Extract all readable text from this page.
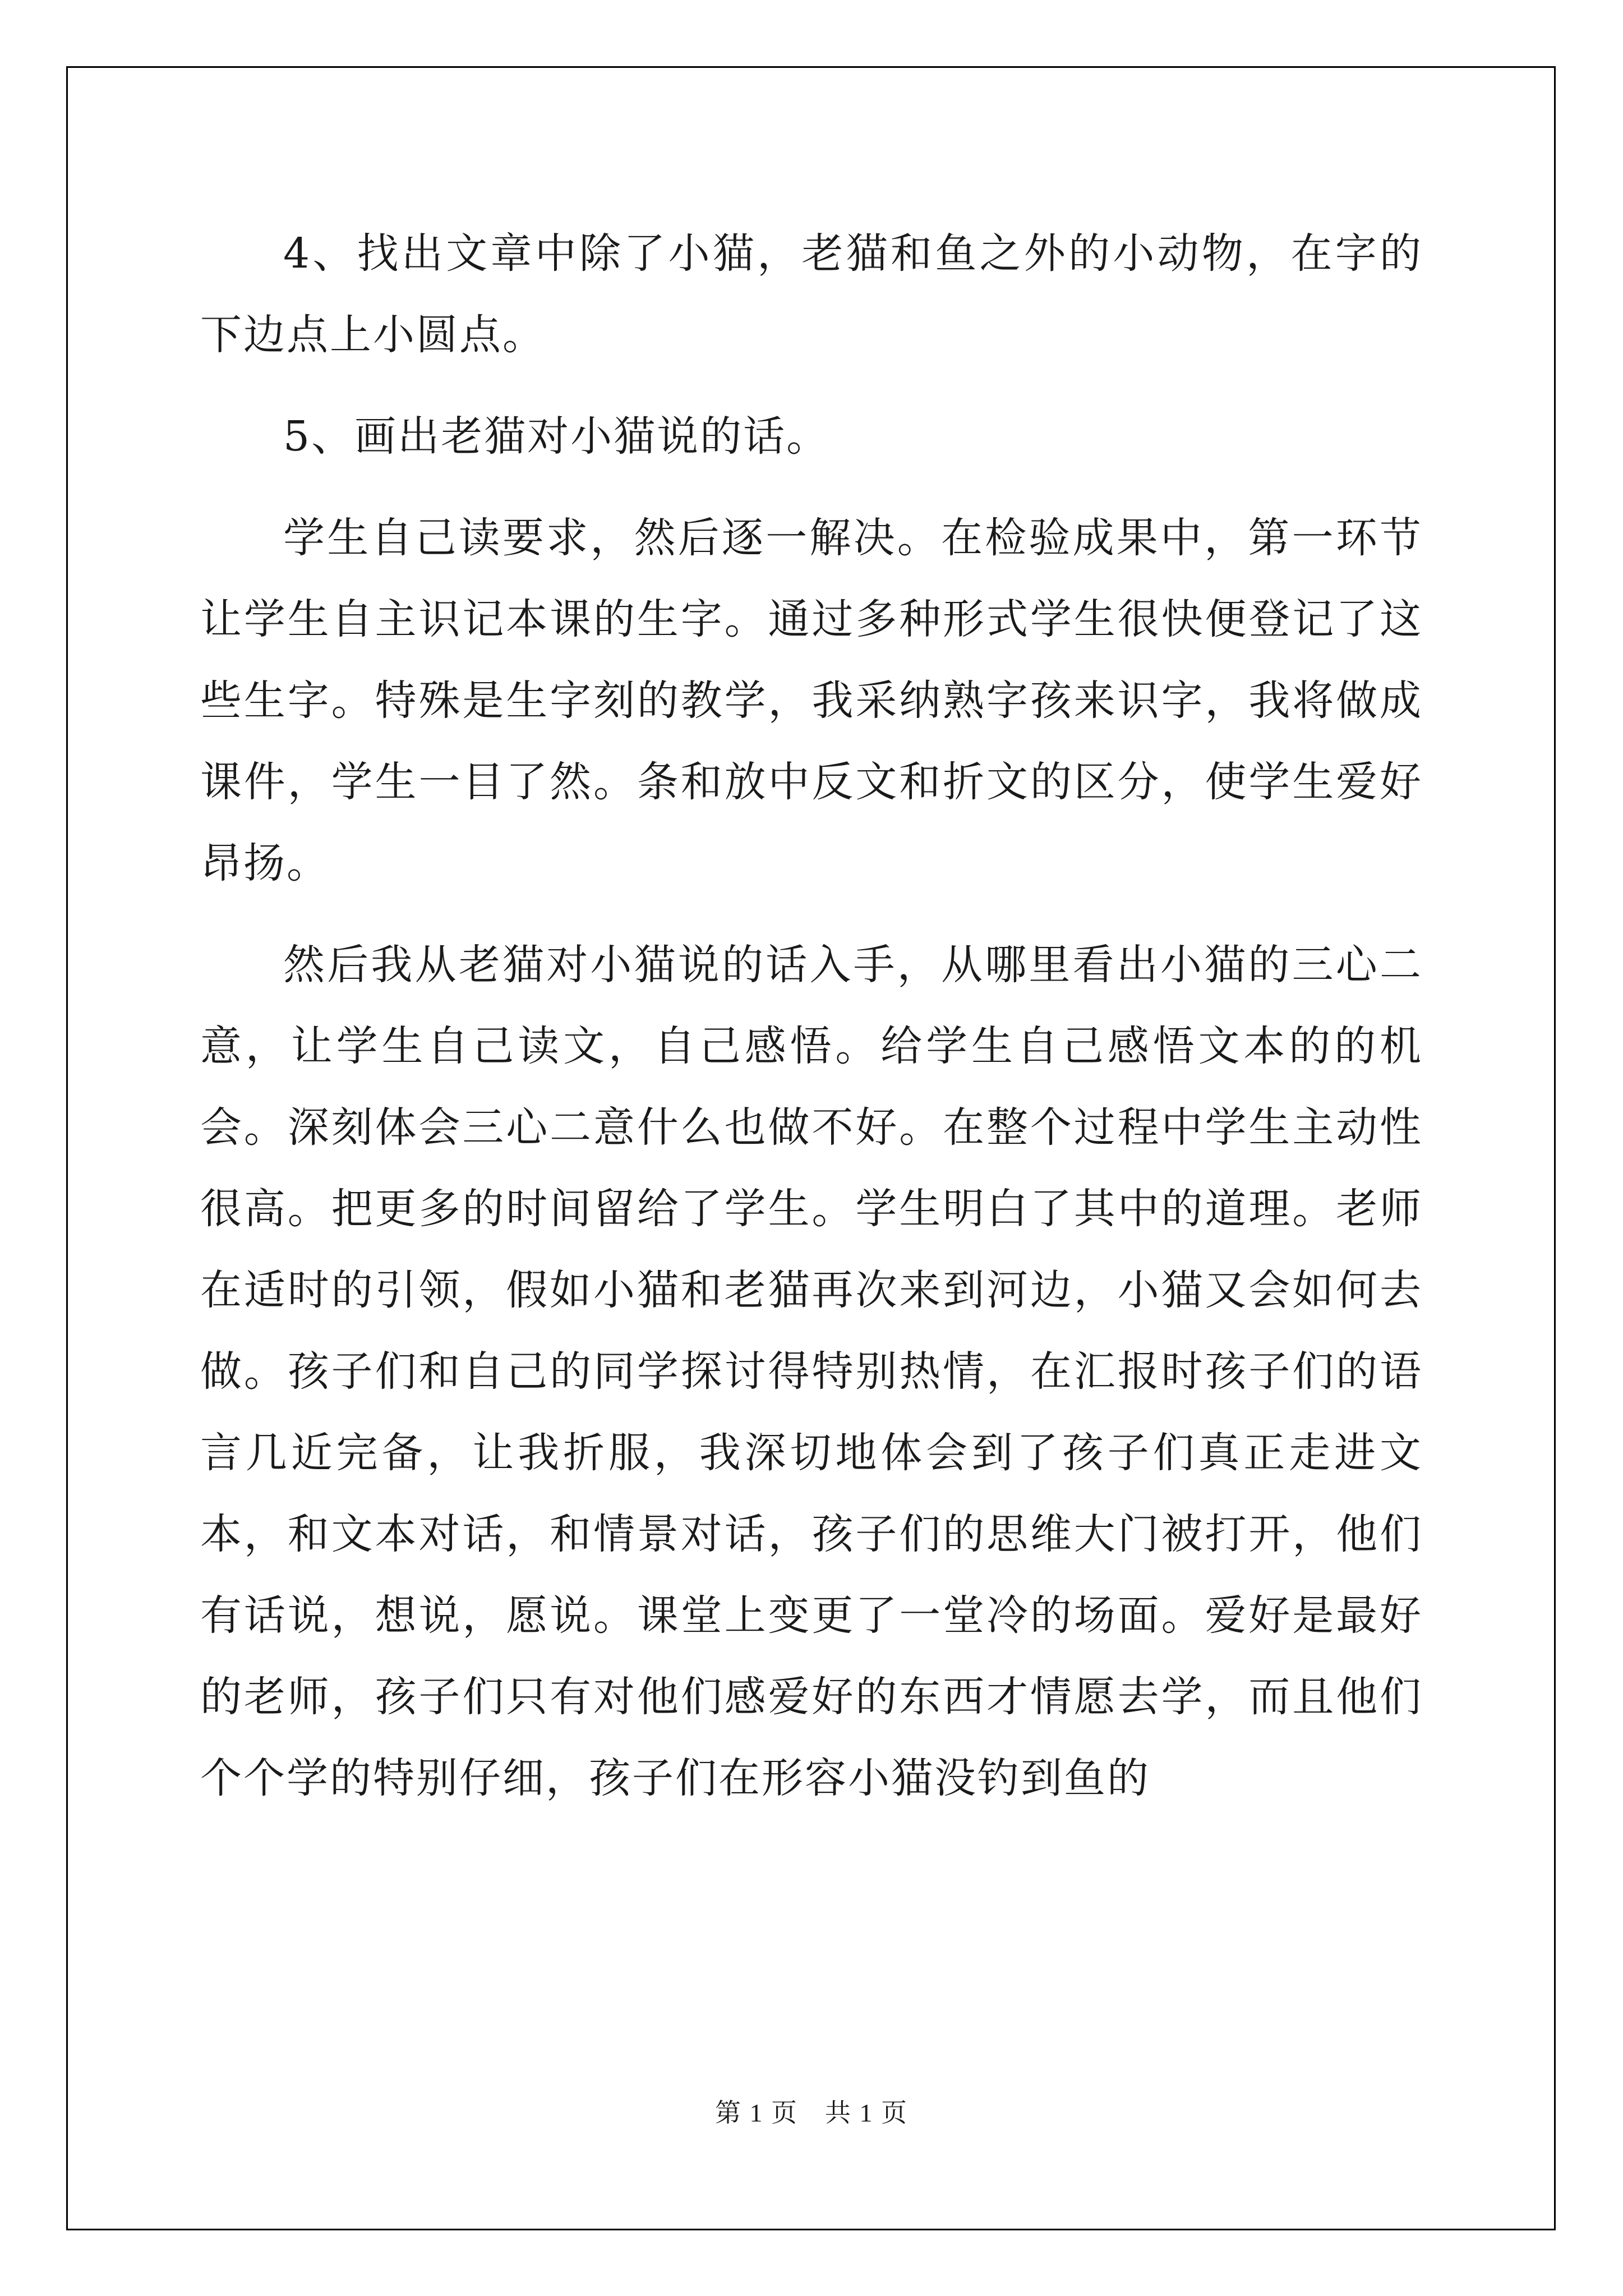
4、找出文章中除了小猫，老猫和鱼之外的小动物，在字的下边点上小圆点。

5、画出老猫对小猫说的话。

学生自己读要求，然后逐一解决。在检验成果中，第一环节让学生自主识记本课的生字。通过多种形式学生很快便登记了这些生字。特殊是生字刻的教学，我采纳熟字孩来识字，我将做成课件，学生一目了然。条和放中反文和折文的区分，使学生爱好昂扬。

然后我从老猫对小猫说的话入手，从哪里看出小猫的三心二意，让学生自己读文，自己感悟。给学生自己感悟文本的的机会。深刻体会三心二意什么也做不好。在整个过程中学生主动性很高。把更多的时间留给了学生。学生明白了其中的道理。老师在适时的引领，假如小猫和老猫再次来到河边，小猫又会如何去做。孩子们和自己的同学探讨得特别热情，在汇报时孩子们的语言几近完备，让我折服，我深切地体会到了孩子们真正走进文本，和文本对话，和情景对话，孩子们的思维大门被打开，他们有话说，想说，愿说。课堂上变更了一堂冷的场面。爱好是最好的老师，孩子们只有对他们感爱好的东西才情愿去学，而且他们个个学的特别仔细，孩子们在形容小猫没钓到鱼的

第 1 页　共 1 页
